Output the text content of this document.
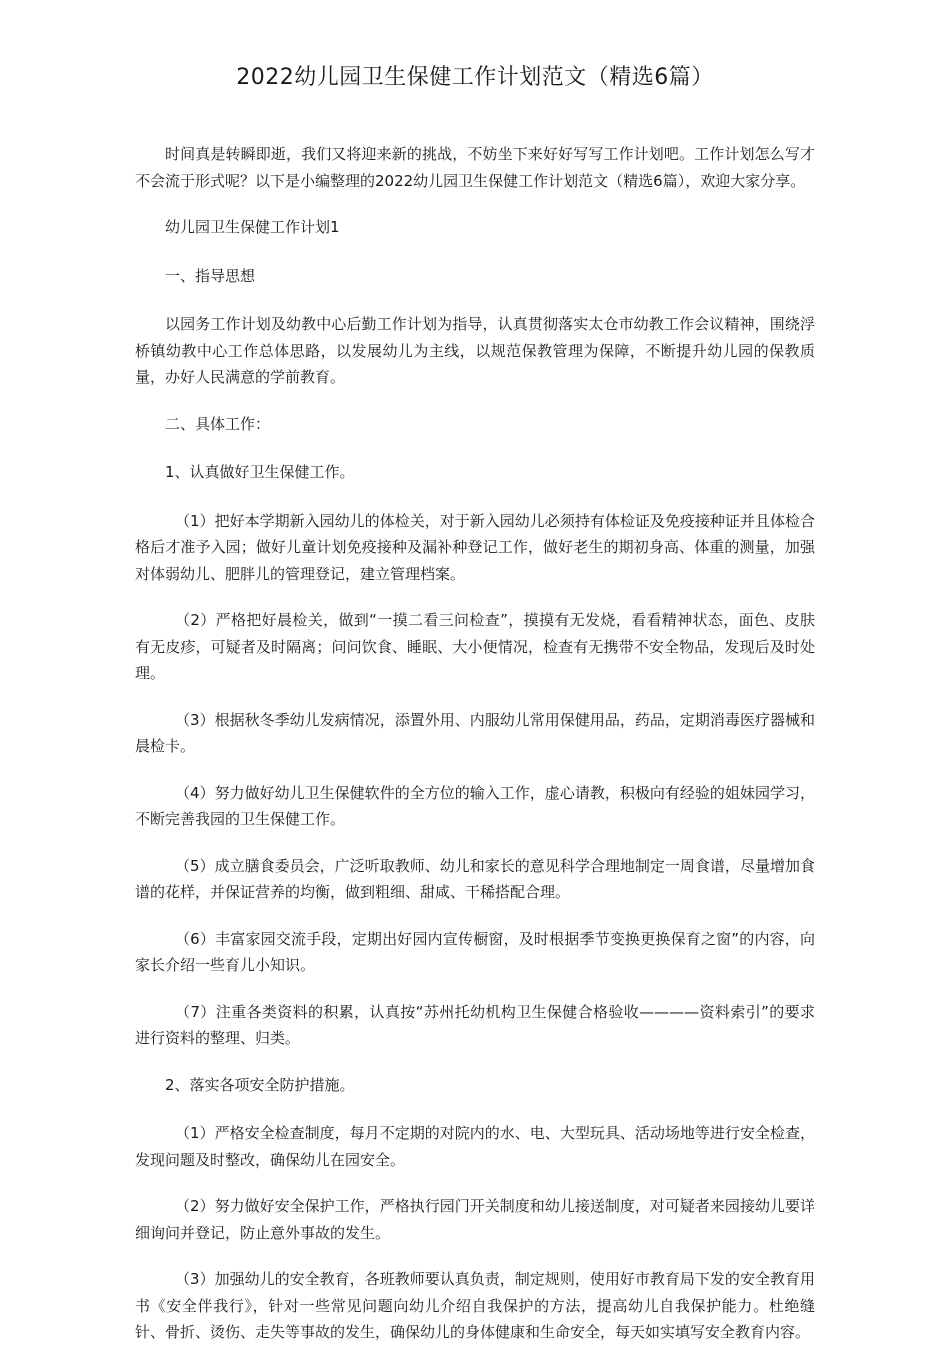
2022幼儿园卫生保健工作计划范文（精选6篇）

时间真是转瞬即逝，我们又将迎来新的挑战，不妨坐下来好好写写工作计划吧。工作计划怎么写才不会流于形式呢？以下是小编整理的2022幼儿园卫生保健工作计划范文（精选6篇），欢迎大家分享。

幼儿园卫生保健工作计划1

一、指导思想

以园务工作计划及幼教中心后勤工作计划为指导，认真贯彻落实太仓市幼教工作会议精神，围绕浮桥镇幼教中心工作总体思路，以发展幼儿为主线，以规范保教管理为保障，不断提升幼儿园的保教质量，办好人民满意的学前教育。

二、具体工作：

1、认真做好卫生保健工作。

（1）把好本学期新入园幼儿的体检关，对于新入园幼儿必须持有体检证及免疫接种证并且体检合格后才准予入园；做好儿童计划免疫接种及漏补种登记工作，做好老生的期初身高、体重的测量，加强对体弱幼儿、肥胖儿的管理登记，建立管理档案。

（2）严格把好晨检关，做到“一摸二看三问检查”，摸摸有无发烧，看看精神状态，面色、皮肤有无皮疹，可疑者及时隔离；问问饮食、睡眠、大小便情况，检查有无携带不安全物品，发现后及时处理。

（3）根据秋冬季幼儿发病情况，添置外用、内服幼儿常用保健用品，药品，定期消毒医疗器械和晨检卡。

（4）努力做好幼儿卫生保健软件的全方位的输入工作，虚心请教，积极向有经验的姐妹园学习，不断完善我园的卫生保健工作。

（5）成立膳食委员会，广泛听取教师、幼儿和家长的意见科学合理地制定一周食谱，尽量增加食谱的花样，并保证营养的均衡，做到粗细、甜咸、干稀搭配合理。

（6）丰富家园交流手段，定期出好园内宣传橱窗，及时根据季节变换更换保育之窗”的内容，向家长介绍一些育儿小知识。

（7）注重各类资料的积累，认真按“苏州托幼机构卫生保健合格验收————资料索引”的要求进行资料的整理、归类。

2、落实各项安全防护措施。

（1）严格安全检查制度，每月不定期的对院内的水、电、大型玩具、活动场地等进行安全检查，发现问题及时整改，确保幼儿在园安全。

（2）努力做好安全保护工作，严格执行园门开关制度和幼儿接送制度，对可疑者来园接幼儿要详细询问并登记，防止意外事故的发生。

（3）加强幼儿的安全教育，各班教师要认真负责，制定规则，使用好市教育局下发的安全教育用书《安全伴我行》，针对一些常见问题向幼儿介绍自我保护的方法，提高幼儿自我保护能力。杜绝缝针、骨折、烫伤、走失等事故的发生，确保幼儿的身体健康和生命安全，每天如实填写安全教育内容。
